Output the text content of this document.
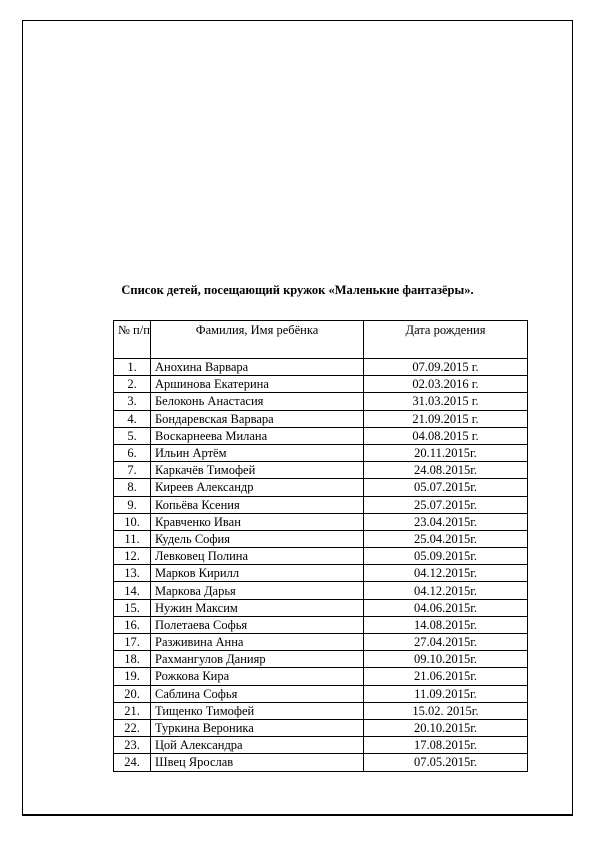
Список детей, посещающий кружок «Маленькие фантазёры».
№ п/п	Фамилия, Имя ребёнка	Дата рождения
1.	Анохина Варвара	07.09.2015 г.
2.	Аршинова Екатерина	02.03.2016 г.
3.	Белоконь Анастасия	31.03.2015 г.
4.	Бондаревская Варвара	21.09.2015 г.
5.	Воскарнеева Милана	04.08.2015 г.
6.	Ильин Артём	20.11.2015г.
7.	Каркачёв Тимофей	24.08.2015г.
8.	Киреев Александр	05.07.2015г.
9.	Копьёва Ксения	25.07.2015г.
10.	Кравченко Иван	23.04.2015г.
11.	Кудель София	25.04.2015г.
12.	Левковец Полина	05.09.2015г.
13.	Марков Кирилл	04.12.2015г.
14.	Маркова Дарья	04.12.2015г.
15.	Нужин Максим	04.06.2015г.
16.	Полетаева Софья	14.08.2015г.
17.	Разживина Анна	27.04.2015г.
18.	Рахмангулов Данияр	09.10.2015г.
19.	Рожкова Кира	21.06.2015г.
20.	Саблина Софья	11.09.2015г.
21.	Тищенко Тимофей	15.02. 2015г.
22.	Туркина Вероника	20.10.2015г.
23.	Цой Александра	17.08.2015г.
24.	Швец Ярослав	07.05.2015г.
